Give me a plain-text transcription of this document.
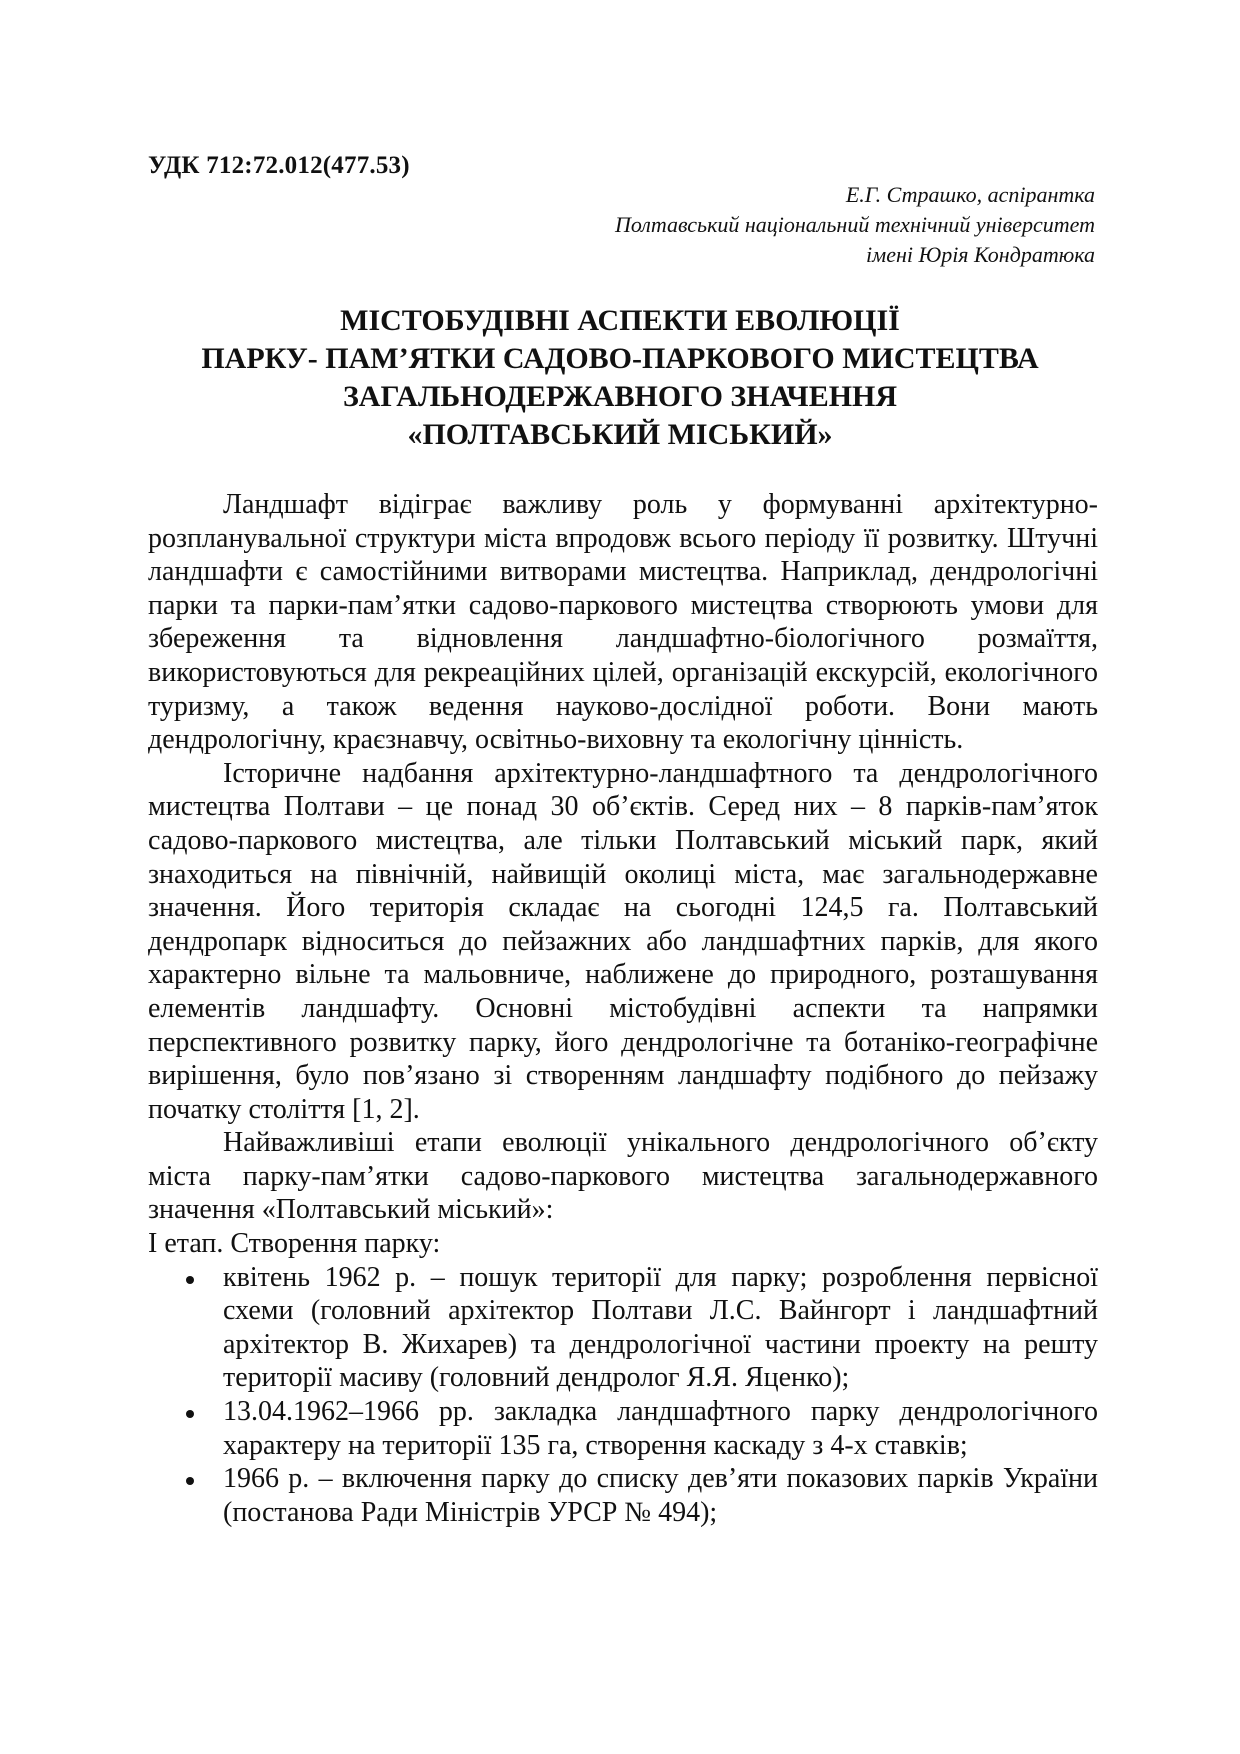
УДК 712:72.012(477.53)
Е.Г. Страшко, аспірантка
Полтавський національний технічний університет
імені Юрія Кондратюка
МІСТОБУДІВНІ АСПЕКТИ ЕВОЛЮЦІЇ
ПАРКУ- ПАМ’ЯТКИ САДОВО-ПАРКОВОГО МИСТЕЦТВА
ЗАГАЛЬНОДЕРЖАВНОГО ЗНАЧЕННЯ
«ПОЛТАВСЬКИЙ МІСЬКИЙ»

Ландшафт відіграє важливу роль у формуванні архітектурно-розпланувальної структури міста впродовж всього періоду її розвитку. Штучні ландшафти є самостійними витворами мистецтва. Наприклад, дендрологічні парки та парки-пам’ятки садово-паркового мистецтва створюють умови для збереження та відновлення ландшафтно-біологічного розмаїття, використовуються для рекреаційних цілей, організацій екскурсій, екологічного туризму, а також ведення науково-дослідної роботи. Вони мають дендрологічну, краєзнавчу, освітньо-виховну та екологічну цінність.

Історичне надбання архітектурно-ландшафтного та дендрологічного мистецтва Полтави – це понад 30 об’єктів. Серед них – 8 парків-пам’яток садово-паркового мистецтва, але тільки Полтавський міський парк, який знаходиться на північній, найвищій околиці міста, має загальнодержавне значення. Його територія складає на сьогодні 124,5 га. Полтавський дендропарк відноситься до пейзажних або ландшафтних парків, для якого характерно вільне та мальовниче, наближене до природного, розташування елементів ландшафту. Основні містобудівні аспекти та напрямки перспективного розвитку парку, його дендрологічне та ботаніко-географічне вирішення, було пов’язано зі створенням ландшафту подібного до пейзажу початку століття [1, 2].

Найважливіші етапи еволюції унікального дендрологічного об’єкту міста парку-пам’ятки садово-паркового мистецтва загальнодержавного значення «Полтавський міський»:

І етап. Створення парку:

квітень 1962 р. – пошук території для парку; розроблення первісної схеми (головний архітектор Полтави Л.С. Вайнгорт і ландшафтний архітектор В. Жихарев) та дендрологічної частини проекту на решту території масиву (головний дендролог Я.Я. Яценко);
13.04.1962–1966 рр. закладка ландшафтного парку дендрологічного характеру на території 135 га, створення каскаду з 4-х ставків;
1966 р. – включення парку до списку дев’яти показових парків України (постанова Ради Міністрів УРСР № 494);
